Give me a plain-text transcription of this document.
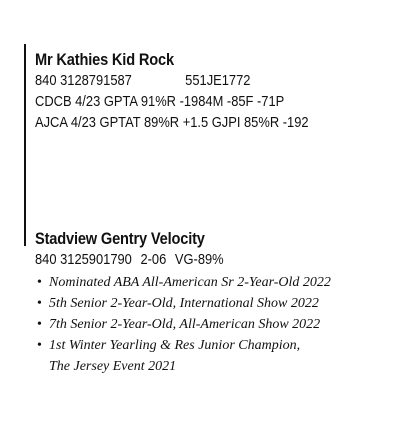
Mr Kathies Kid Rock
840 3128791587	551JE1772
CDCB 4/23 GPTA 91%R -1984M -85F -71P
AJCA 4/23 GPTAT 89%R +1.5 GJPI 85%R -192
Stadview Gentry Velocity
840 3125901790 2-06 VG-89%
• Nominated ABA All-American Sr 2-Year-Old 2022
• 5th Senior 2-Year-Old, International Show 2022
• 7th Senior 2-Year-Old, All-American Show 2022
• 1st Winter Yearling & Res Junior Champion,
The Jersey Event 2021
